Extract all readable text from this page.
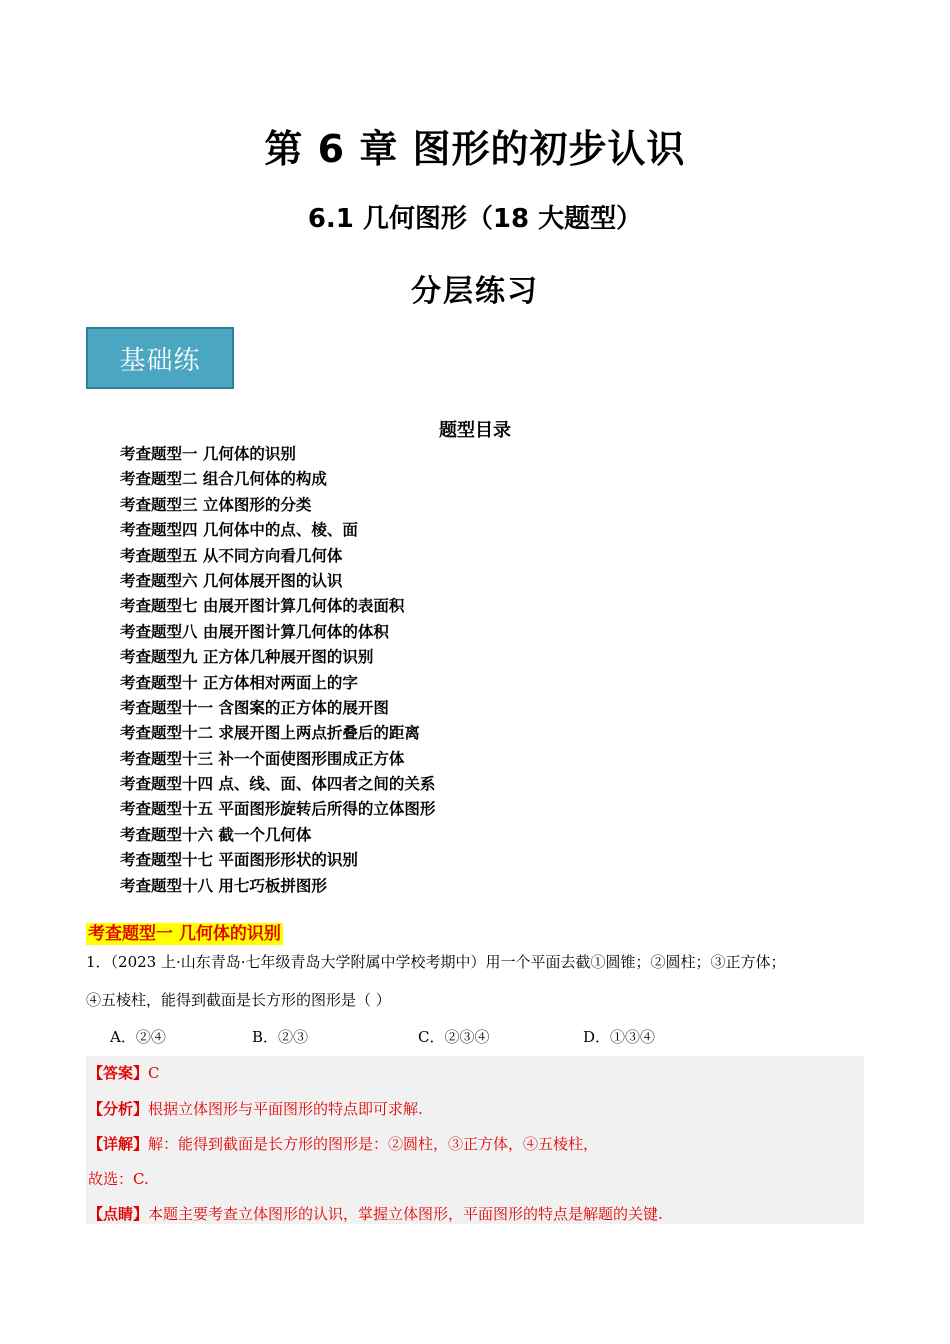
第 6 章 图形的初步认识
6.1 几何图形（18 大题型）
分层练习
基础练
题型目录
考查题型一 几何体的识别
考查题型二 组合几何体的构成
考查题型三 立体图形的分类
考查题型四 几何体中的点、棱、面
考查题型五 从不同方向看几何体
考查题型六 几何体展开图的认识
考查题型七 由展开图计算几何体的表面积
考查题型八 由展开图计算几何体的体积
考查题型九 正方体几种展开图的识别
考查题型十 正方体相对两面上的字
考查题型十一 含图案的正方体的展开图
考查题型十二 求展开图上两点折叠后的距离
考查题型十三 补一个面使图形围成正方体
考查题型十四 点、线、面、体四者之间的关系
考查题型十五 平面图形旋转后所得的立体图形
考查题型十六 截一个几何体
考查题型十七 平面图形形状的识别
考查题型十八 用七巧板拼图形
考查题型一 几何体的识别
1．（2023 上·山东青岛·七年级青岛大学附属中学校考期中）用一个平面去截①圆锥；②圆柱；③正方体；
④五棱柱，能得到截面是长方形的图形是（ ）
A．②④	B．②③	C．②③④	D．①③④
【答案】C
【分析】根据立体图形与平面图形的特点即可求解.
【详解】解：能得到截面是长方形的图形是：②圆柱，③正方体，④五棱柱，
故选：C.
【点睛】本题主要考查立体图形的认识，掌握立体图形，平面图形的特点是解题的关键.
